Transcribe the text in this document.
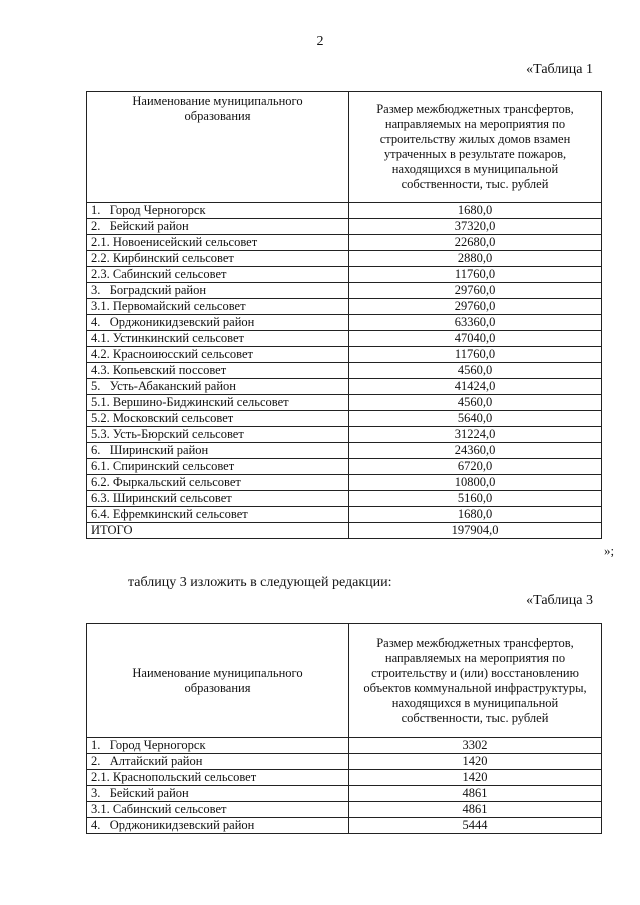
2
«Таблица 1
Наименование муниципального образования	Размер межбюджетных трансфертов, направляемых на мероприятия по строительству жилых домов взамен утраченных в результате пожаров, находящихся в муниципальной собственности, тыс. рублей
1.   Город Черногорск	1680,0
2.   Бейский район	37320,0
2.1. Новоенисейский сельсовет	22680,0
2.2. Кирбинский сельсовет	2880,0
2.3. Сабинский сельсовет	11760,0
3.   Боградский район	29760,0
3.1. Первомайский сельсовет	29760,0
4.   Орджоникидзевский район	63360,0
4.1. Устинкинский сельсовет	47040,0
4.2. Красноиюсский сельсовет	11760,0
4.3. Копьевский поссовет	4560,0
5.   Усть-Абаканский район	41424,0
5.1. Вершино-Биджинский сельсовет	4560,0
5.2. Московский сельсовет	5640,0
5.3. Усть-Бюрский сельсовет	31224,0
6.   Ширинский район	24360,0
6.1. Спиринский сельсовет	6720,0
6.2. Фыркальский сельсовет	10800,0
6.3. Ширинский сельсовет	5160,0
6.4. Ефремкинский сельсовет	1680,0
ИТОГО	197904,0
»;
таблицу 3 изложить в следующей редакции:
«Таблица 3
Наименование муниципального образования	Размер межбюджетных трансфертов, направляемых на мероприятия по строительству и (или) восстановлению объектов коммунальной инфраструктуры, находящихся в муниципальной собственности, тыс. рублей
1.   Город Черногорск	3302
2.   Алтайский район	1420
2.1. Краснопольский сельсовет	1420
3.   Бейский район	4861
3.1. Сабинский сельсовет	4861
4.   Орджоникидзевский район	5444
